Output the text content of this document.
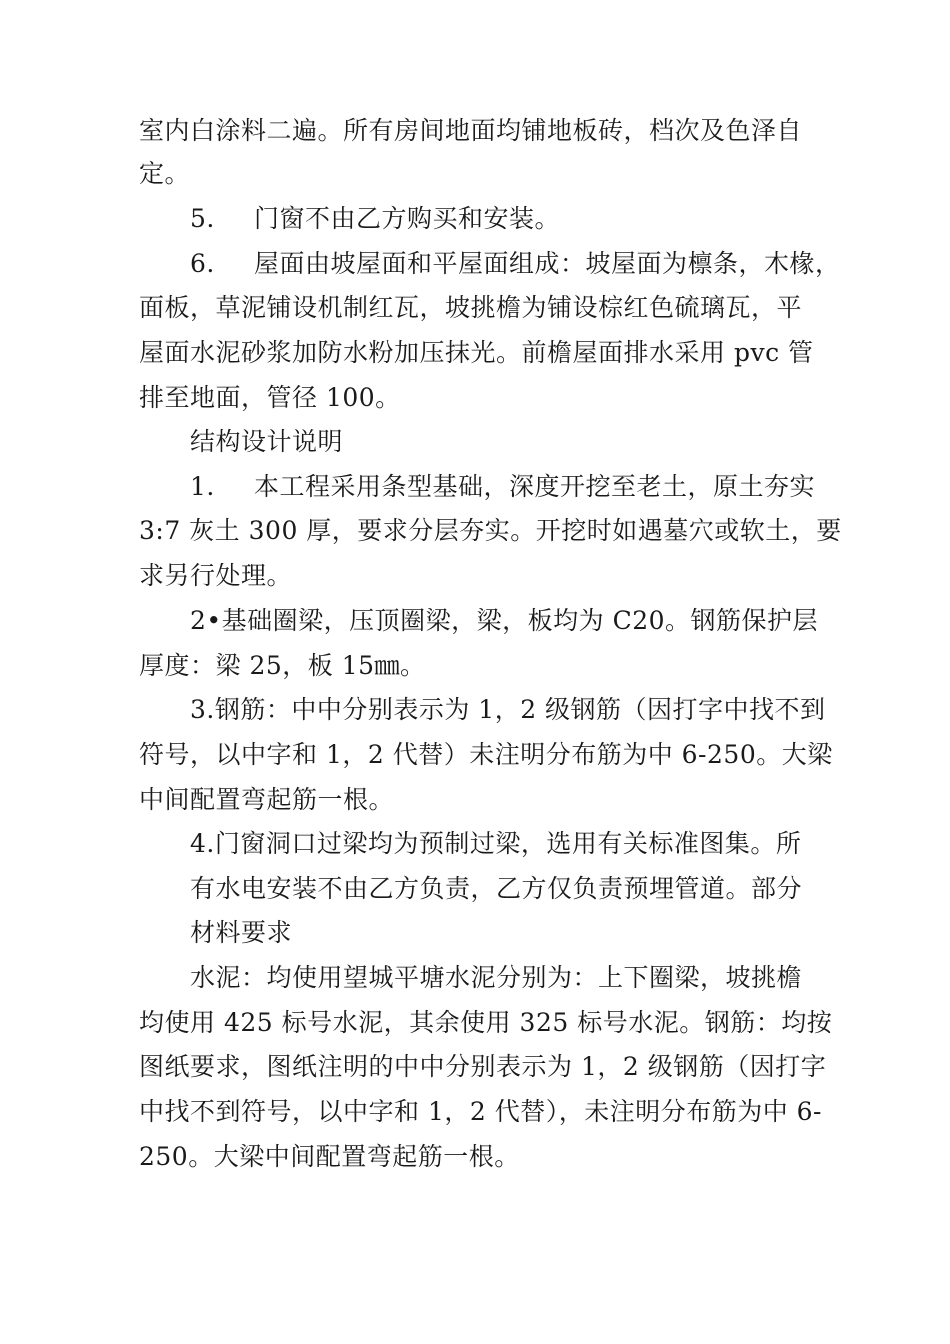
室内白涂料二遍。所有房间地面均铺地板砖，档次及色泽自
定。
5. 门窗不由乙方购买和安装。
6. 屋面由坡屋面和平屋面组成：坡屋面为檩条，木椽，
面板，草泥铺设机制红瓦，坡挑檐为铺设棕红色硫璃瓦，平
屋面水泥砂浆加防水粉加压抹光。前檐屋面排水采用 pvc 管
排至地面，管径 100。
结构设计说明
1. 本工程采用条型基础，深度开挖至老土，原土夯实
3:7 灰土 300 厚，要求分层夯实。开挖时如遇墓穴或软土，要
求另行处理。
2•基础圈梁，压顶圈梁，梁，板均为 C20。钢筋保护层
厚度：梁 25，板 15㎜。
3.钢筋：中中分别表示为 1，2 级钢筋（因打字中找不到
符号，以中字和 1，2 代替）未注明分布筋为中 6-250。大梁
中间配置弯起筋一根。
4.门窗洞口过梁均为预制过梁，选用有关标准图集。所
有水电安装不由乙方负责，乙方仅负责预埋管道。部分
材料要求
水泥：均使用望城平塘水泥分别为：上下圈梁，坡挑檐
均使用 425 标号水泥，其余使用 325 标号水泥。钢筋：均按
图纸要求，图纸注明的中中分别表示为 1，2 级钢筋（因打字
中找不到符号，以中字和 1，2 代替），未注明分布筋为中 6-
250。大梁中间配置弯起筋一根。
